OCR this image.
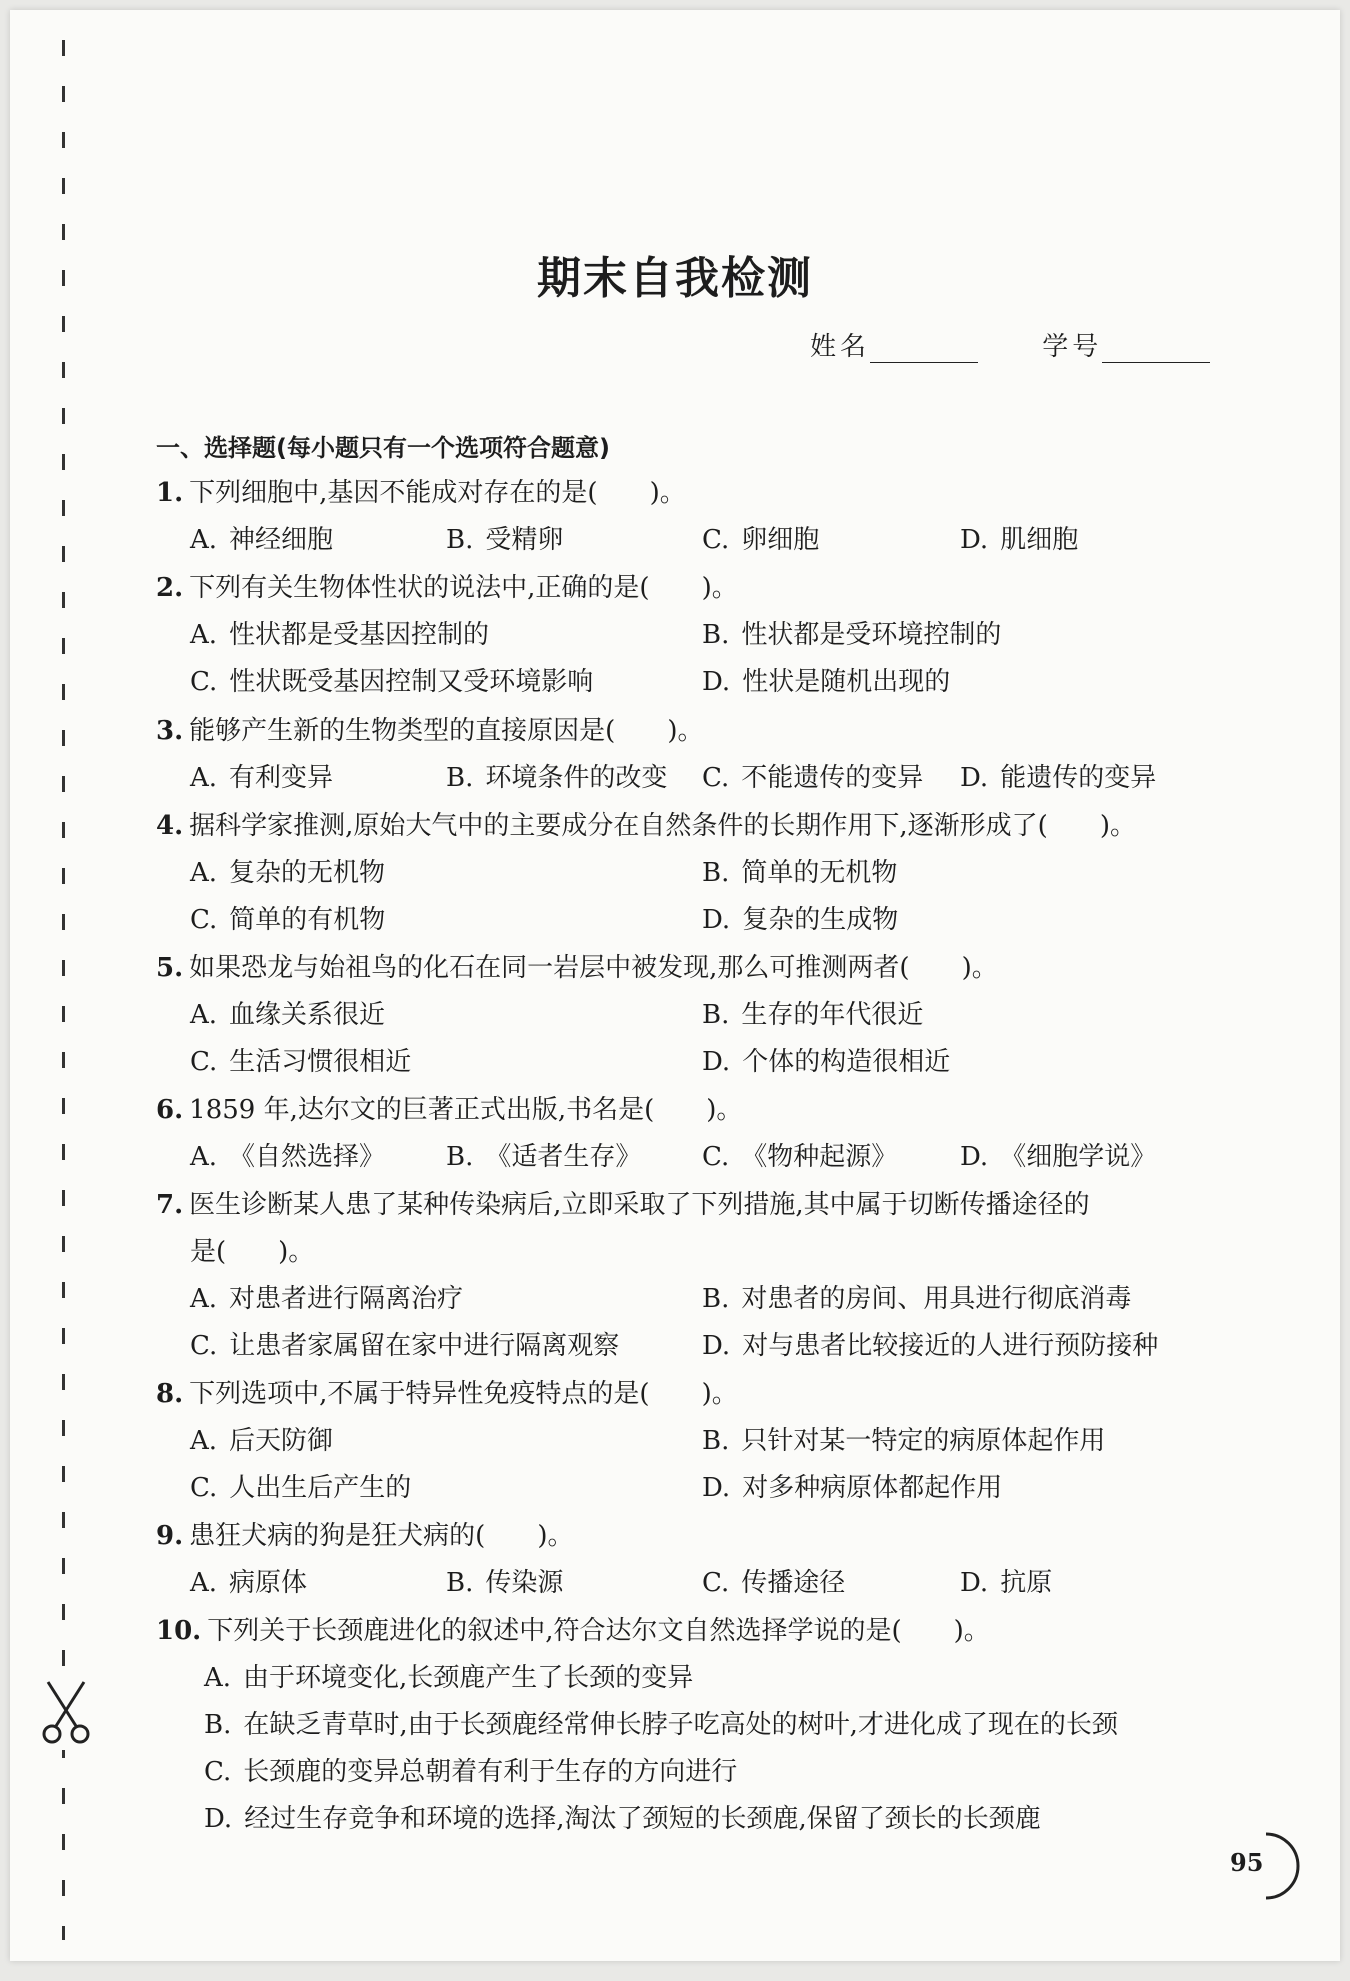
期末自我检测
姓名	学号
一、选择题(每小题只有一个选项符合题意)
1. 下列细胞中,基因不能成对存在的是( )。
A. 神经细胞	B. 受精卵	C. 卵细胞	D. 肌细胞
2. 下列有关生物体性状的说法中,正确的是( )。
A. 性状都是受基因控制的	B. 性状都是受环境控制的
C. 性状既受基因控制又受环境影响	D. 性状是随机出现的
3. 能够产生新的生物类型的直接原因是( )。
A. 有利变异	B. 环境条件的改变 C. 不能遗传的变异 D. 能遗传的变异
4. 据科学家推测,原始大气中的主要成分在自然条件的长期作用下,逐渐形成了( )。
A. 复杂的无机物	B. 简单的无机物
C. 简单的有机物	D. 复杂的生成物
5. 如果恐龙与始祖鸟的化石在同一岩层中被发现,那么可推测两者( )。
A. 血缘关系很近	B. 生存的年代很近
C. 生活习惯很相近	D. 个体的构造很相近
6. 1859 年,达尔文的巨著正式出版,书名是( )。
A. 《自然选择》 B. 《适者生存》 C. 《物种起源》 D. 《细胞学说》
7. 医生诊断某人患了某种传染病后,立即采取了下列措施,其中属于切断传播途径的
是( )。
A. 对患者进行隔离治疗	B. 对患者的房间、用具进行彻底消毒
C. 让患者家属留在家中进行隔离观察	D. 对与患者比较接近的人进行预防接种
8. 下列选项中,不属于特异性免疫特点的是( )。
A. 后天防御	B. 只针对某一特定的病原体起作用
C. 人出生后产生的	D. 对多种病原体都起作用
9. 患狂犬病的狗是狂犬病的( )。
A. 病原体	B. 传染源	C. 传播途径	D. 抗原
10. 下列关于长颈鹿进化的叙述中,符合达尔文自然选择学说的是( )。
A. 由于环境变化,长颈鹿产生了长颈的变异
B. 在缺乏青草时,由于长颈鹿经常伸长脖子吃高处的树叶,才进化成了现在的长颈
C. 长颈鹿的变异总朝着有利于生存的方向进行
D. 经过生存竞争和环境的选择,淘汰了颈短的长颈鹿,保留了颈长的长颈鹿
95
